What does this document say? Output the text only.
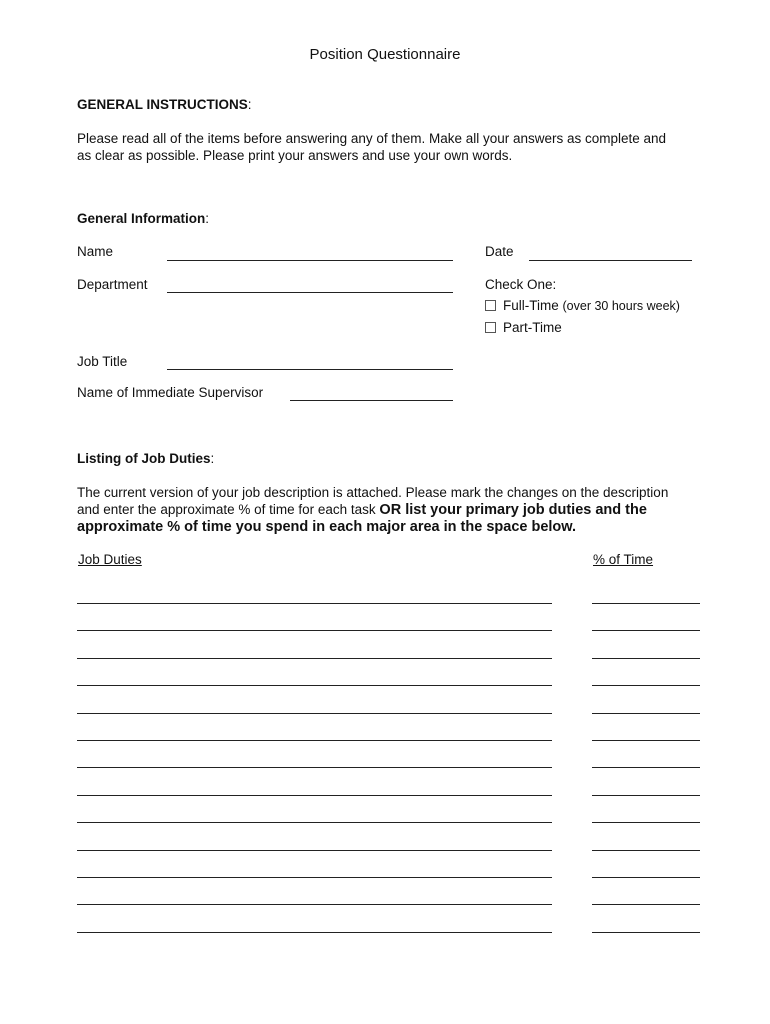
Position Questionnaire
GENERAL INSTRUCTIONS:
Please read all of the items before answering any of them. Make all your answers as complete and
as clear as possible. Please print your answers and use your own words.
General Information:
Name	Date
Department	Check One:
Full-Time (over 30 hours week)
Part-Time
Job Title
Name of Immediate Supervisor
Listing of Job Duties:
The current version of your job description is attached. Please mark the changes on the description
and enter the approximate % of time for each task OR list your primary job duties and the
approximate % of time you spend in each major area in the space below.
Job Duties	% of Time
